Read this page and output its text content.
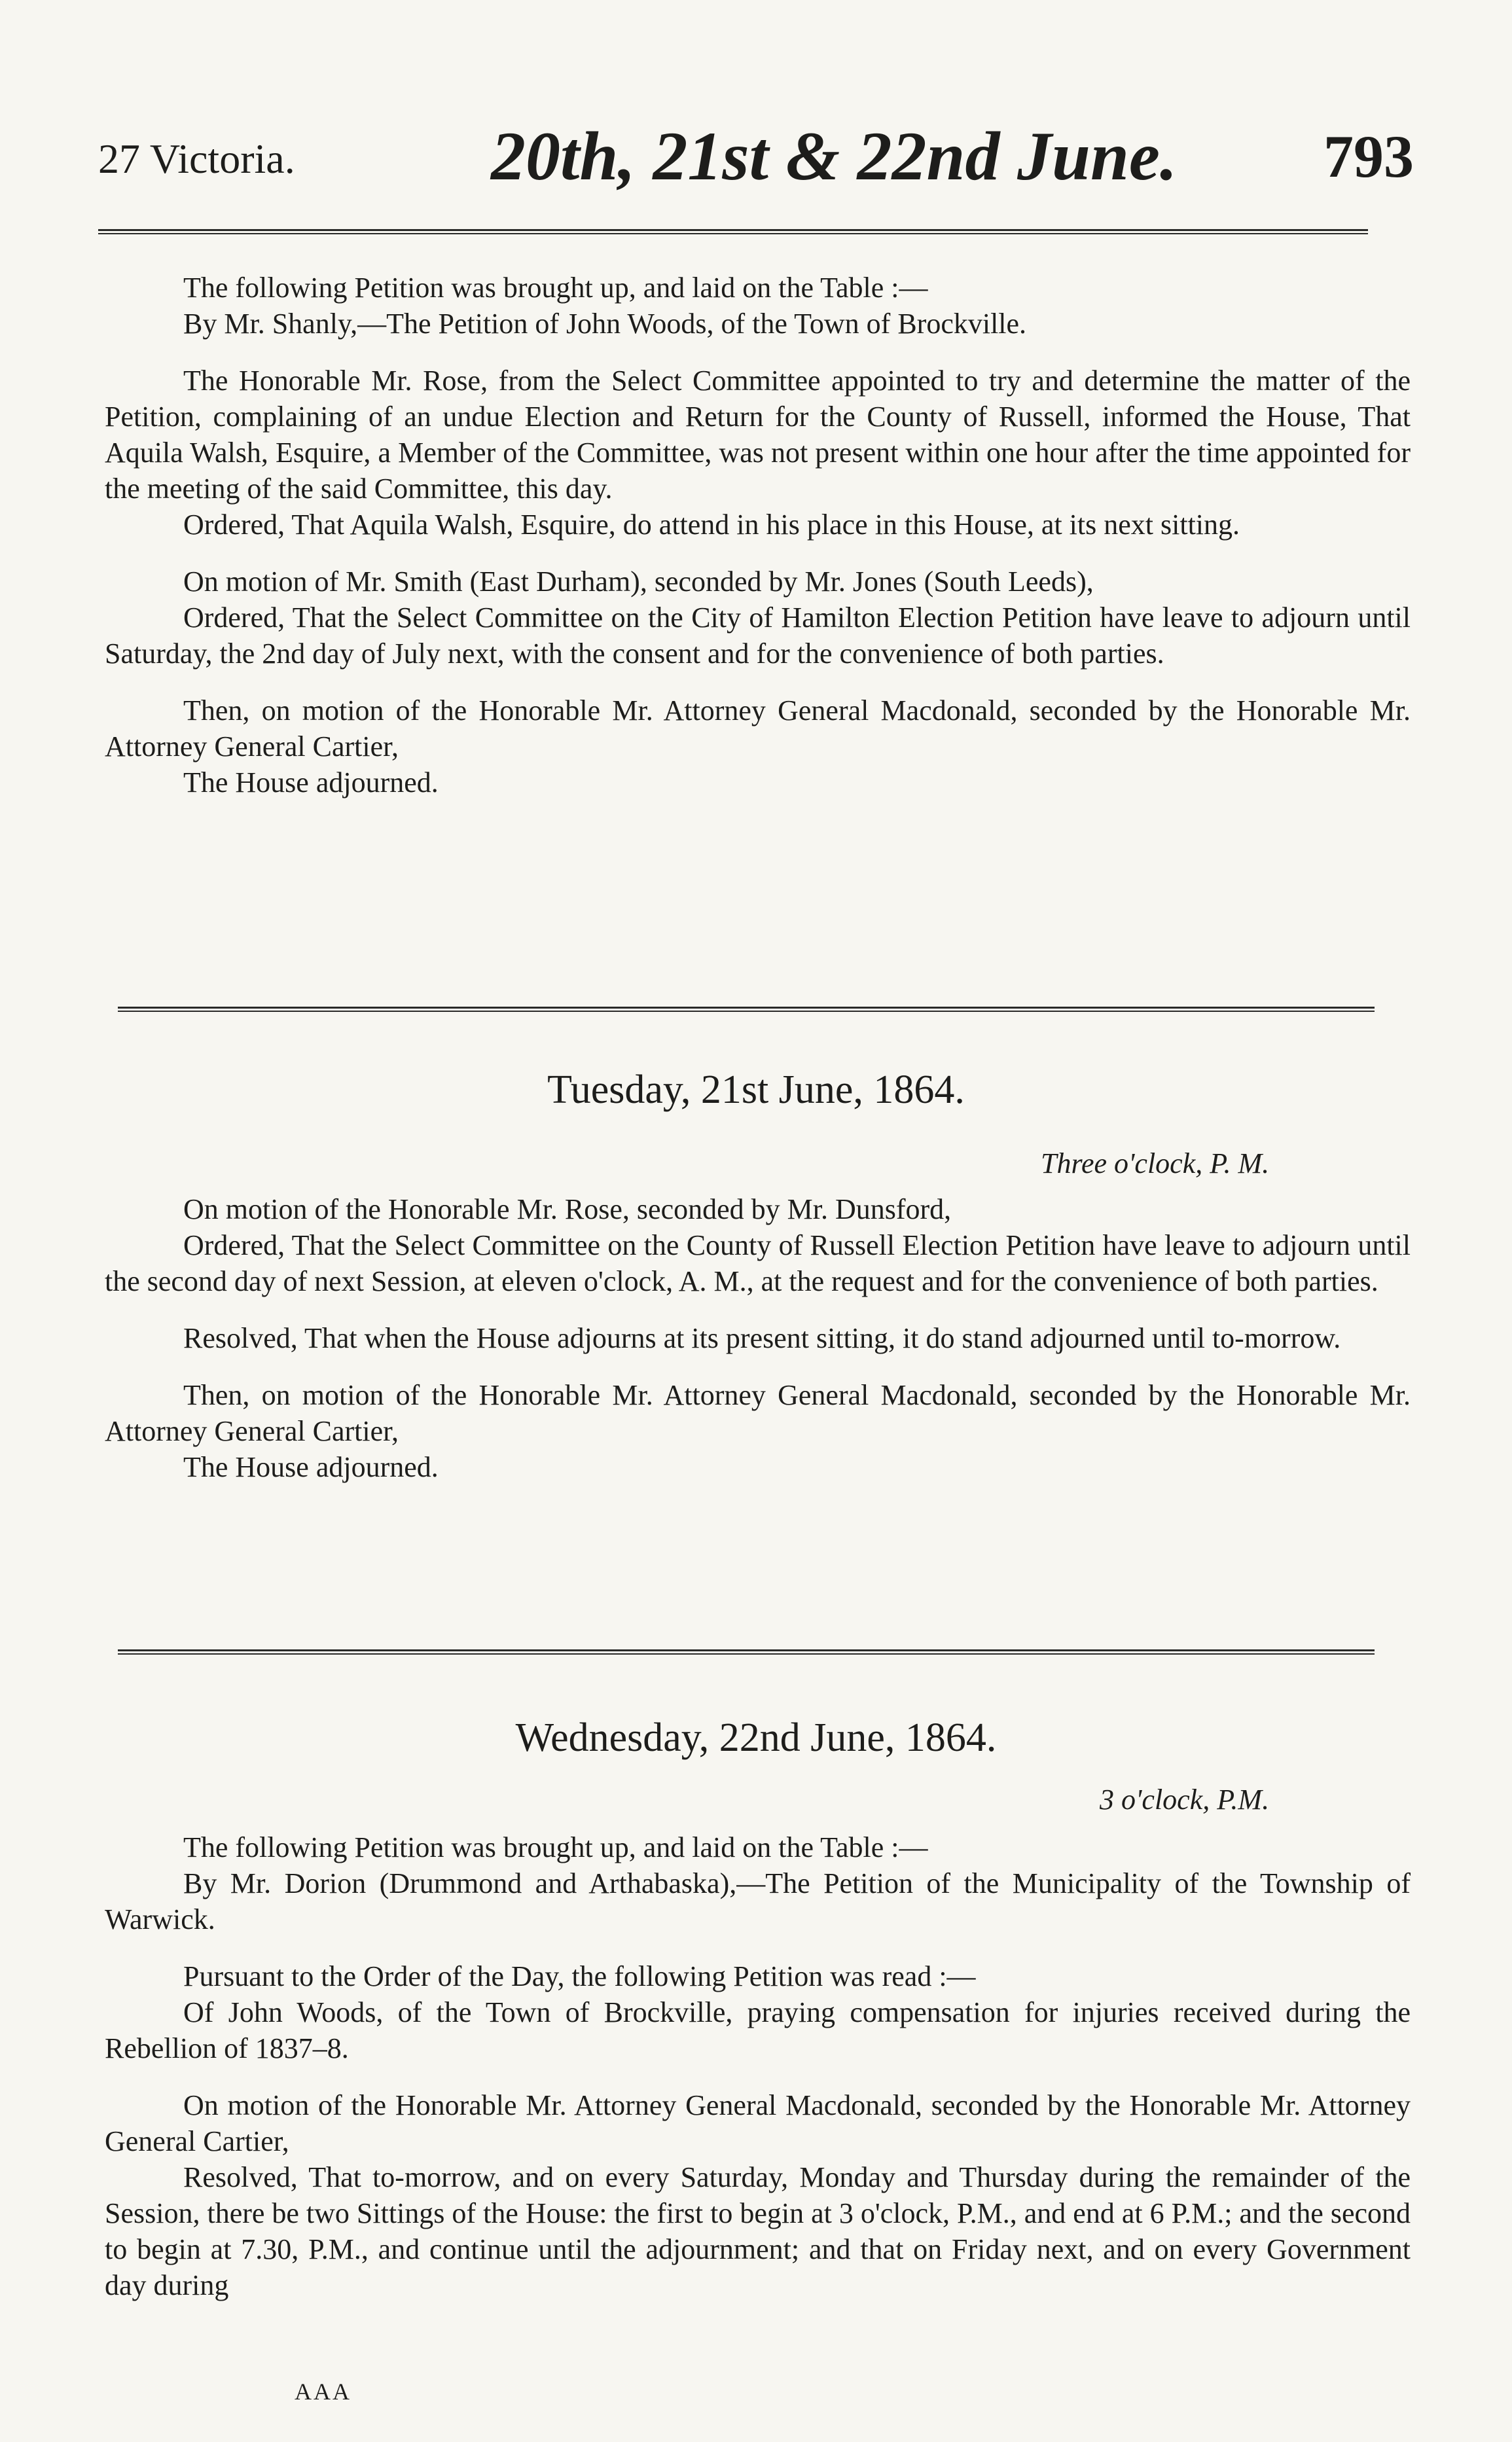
27 Victoria.	20th, 21st & 22nd June. 793

The following Petition was brought up, and laid on the Table :—

By Mr. Shanly,—The Petition of John Woods, of the Town of Brockville.

The Honorable Mr. Rose, from the Select Committee appointed to try and determine the matter of the Petition, complaining of an undue Election and Return for the County of Russell, informed the House, That Aquila Walsh, Esquire, a Member of the Committee, was not present within one hour after the time appointed for the meeting of the said Committee, this day.

Ordered, That Aquila Walsh, Esquire, do attend in his place in this House, at its next sitting.

On motion of Mr. Smith (East Durham), seconded by Mr. Jones (South Leeds),

Ordered, That the Select Committee on the City of Hamilton Election Petition have leave to adjourn until Saturday, the 2nd day of July next, with the consent and for the convenience of both parties.

Then, on motion of the Honorable Mr. Attorney General Macdonald, seconded by the Honorable Mr. Attorney General Cartier,

The House adjourned.

Tuesday, 21st June, 1864.
Three o'clock, P. M.

On motion of the Honorable Mr. Rose, seconded by Mr. Dunsford,

Ordered, That the Select Committee on the County of Russell Election Petition have leave to adjourn until the second day of next Session, at eleven o'clock, A. M., at the request and for the convenience of both parties.

Resolved, That when the House adjourns at its present sitting, it do stand adjourned until to-morrow.

Then, on motion of the Honorable Mr. Attorney General Macdonald, seconded by the Honorable Mr. Attorney General Cartier,

The House adjourned.

Wednesday, 22nd June, 1864.
3 o'clock, P.M.

The following Petition was brought up, and laid on the Table :—

By Mr. Dorion (Drummond and Arthabaska),—The Petition of the Municipality of the Township of Warwick.

Pursuant to the Order of the Day, the following Petition was read :—

Of John Woods, of the Town of Brockville, praying compensation for injuries received during the Rebellion of 1837–8.

On motion of the Honorable Mr. Attorney General Macdonald, seconded by the Honorable Mr. Attorney General Cartier,

Resolved, That to-morrow, and on every Saturday, Monday and Thursday during the remainder of the Session, there be two Sittings of the House: the first to begin at 3 o'clock, P.M., and end at 6 P.M.; and the second to begin at 7.30, P.M., and continue until the adjournment; and that on Friday next, and on every Government day during

AAA
